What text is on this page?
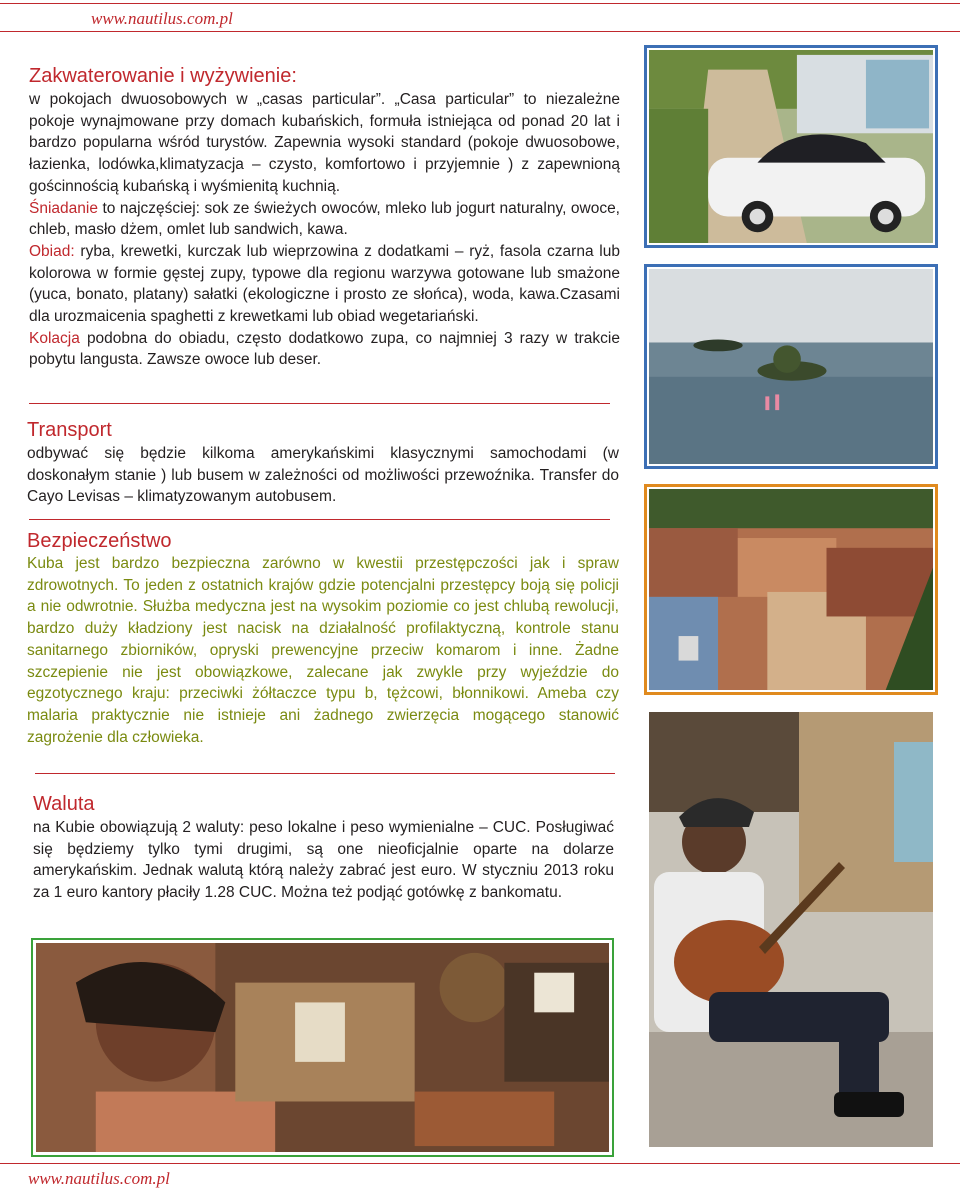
www.nautilus.com.pl
Zakwaterowanie i wyżywienie:

w pokojach dwuosobowych w „casas particular”. „Casa particular” to niezależne pokoje wynajmowane przy domach kubańskich, formuła istniejąca od ponad 20 lat i bardzo popularna wśród turystów. Zapewnia wysoki standard (pokoje dwuosobowe, łazienka, lodówka,klimatyzacja – czysto, komfortowo i przyjemnie ) z zapewnioną gościnnością kubańską i wyśmienitą kuchnią.

Śniadanie to najczęściej: sok ze świeżych owoców, mleko lub jogurt naturalny, owoce, chleb, masło dżem, omlet lub sandwich, kawa.

Obiad: ryba, krewetki, kurczak lub wieprzowina z dodatkami – ryż, fasola czarna lub kolorowa w formie gęstej zupy, typowe dla regionu warzywa gotowane lub smażone (yuca, bonato, platany) sałatki (ekologiczne i prosto ze słońca), woda, kawa.Czasami dla urozmaicenia spaghetti z krewetkami lub obiad wegetariański.

Kolacja podobna do obiadu, często dodatkowo zupa, co najmniej 3 razy w trakcie pobytu langusta. Zawsze owoce lub deser.

Transport
odbywać się będzie kilkoma amerykańskimi klasycznymi samochodami (w doskonałym stanie ) lub busem w zależności od możliwości przewoźnika. Transfer do Cayo Levisas – klimatyzowanym autobusem.
Bezpieczeństwo
Kuba jest bardzo bezpieczna zarówno w kwestii przestępczości jak i spraw zdrowotnych. To jeden z ostatnich krajów gdzie potencjalni przestępcy boją się policji a nie odwrotnie. Służba medyczna jest na wysokim poziomie co jest chlubą rewolucji, bardzo duży kładziony jest nacisk na działalność profilaktyczną, kontrole stanu sanitarnego zbiorników, opryski prewencyjne przeciw komarom i inne. Żadne szczepienie nie jest obowiązkowe, zalecane jak zwykle przy wyjeździe do egzotycznego kraju: przeciwki żółtaczce typu b, tężcowi, błonnikowi. Ameba czy malaria praktycznie nie istnieje ani żadnego zwierzęcia mogącego stanowić zagrożenie dla człowieka.
Waluta
na Kubie obowiązują 2 waluty: peso lokalne i peso wymienialne – CUC. Posługiwać się będziemy tylko tymi drugimi, są one nieoficjalnie oparte na dolarze amerykańskim. Jednak walutą którą należy zabrać jest euro. W styczniu 2013 roku za 1 euro kantory płaciły 1.28 CUC. Można też podjąć gotówkę z bankomatu.
www.nautilus.com.pl
